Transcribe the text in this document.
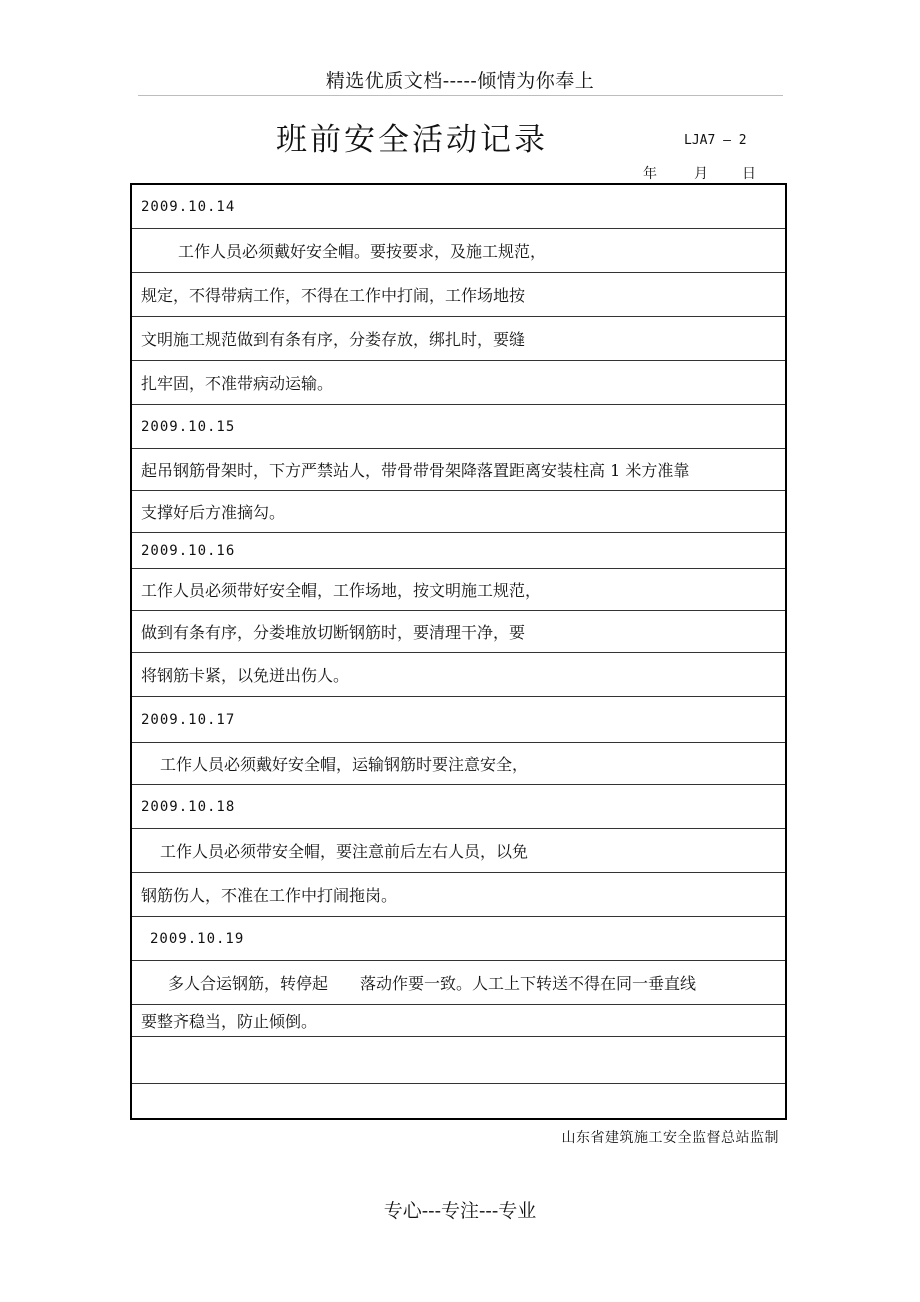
精选优质文档-----倾情为你奉上
班前安全活动记录	LJA7 — 2
年	月 日
2009.10.14
工作人员必须戴好安全帽。要按要求，及施工规范，
规定，不得带病工作，不得在工作中打闹，工作场地按
文明施工规范做到有条有序，分娄存放，绑扎时，要缝
扎牢固，不准带病动运输。
2009.10.15
起吊钢筋骨架时，下方严禁站人，带骨带骨架降落置距离安装柱高 1 米方准靠
支撑好后方准摘勾。
2009.10.16
工作人员必须带好安全帽，工作场地，按文明施工规范，
做到有条有序，分娄堆放切断钢筋时，要清理干净，要
将钢筋卡紧，以免迸出伤人。
2009.10.17
工作人员必须戴好安全帽，运输钢筋时要注意安全，
2009.10.18
工作人员必须带安全帽，要注意前后左右人员，以免
钢筋伤人，不准在工作中打闹拖岗。
2009.10.19
多人合运钢筋，转停起　　落动作要一致。人工上下转送不得在同一垂直线
要整齐稳当，防止倾倒。
山东省建筑施工安全监督总站监制
专心---专注---专业
